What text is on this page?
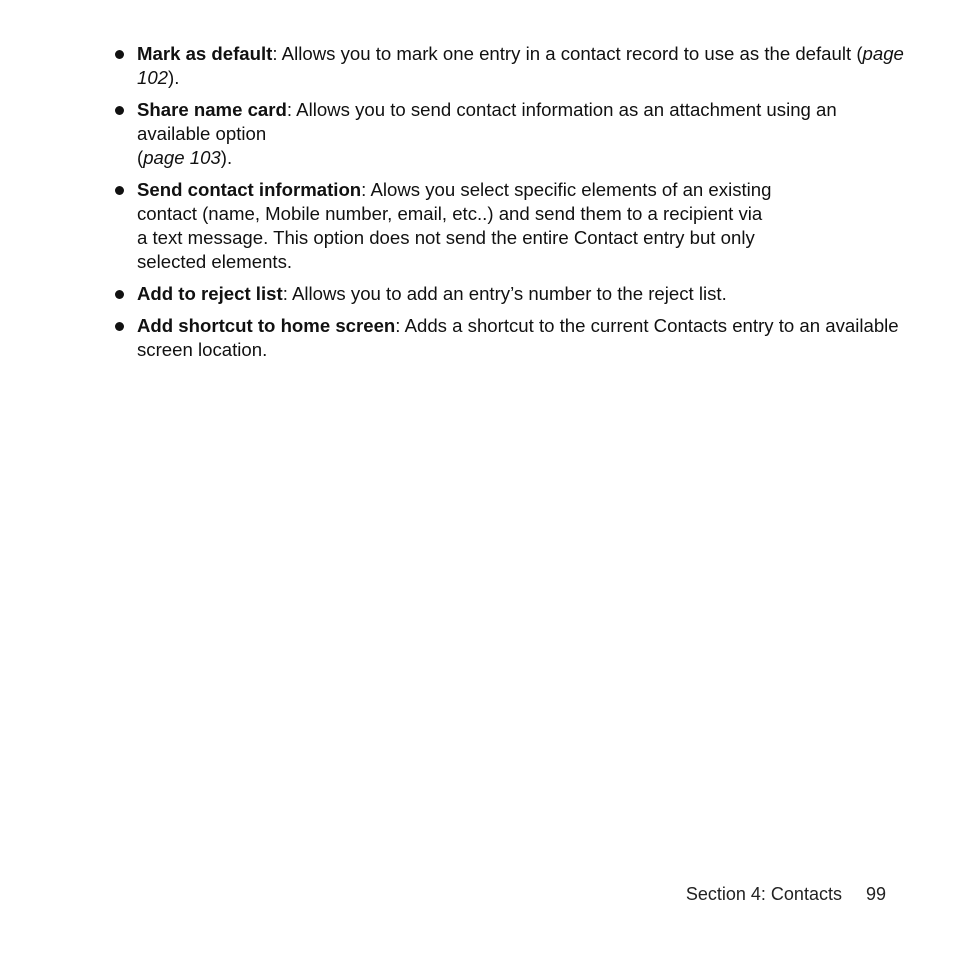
Mark as default: Allows you to mark one entry in a contact record to use as the default (page 102).
Share name card: Allows you to send contact information as an attachment using an available option
(page 103).
Send contact information: Alows you select specific elements of an existing
contact (name, Mobile number, email, etc..) and send them to a recipient via
a text message. This option does not send the entire Contact entry but only
selected elements.
Add to reject list: Allows you to add an entry’s number to the reject list.
Add shortcut to home screen: Adds a shortcut to the current Contacts entry to an available screen location.
Section 4: Contacts 99
